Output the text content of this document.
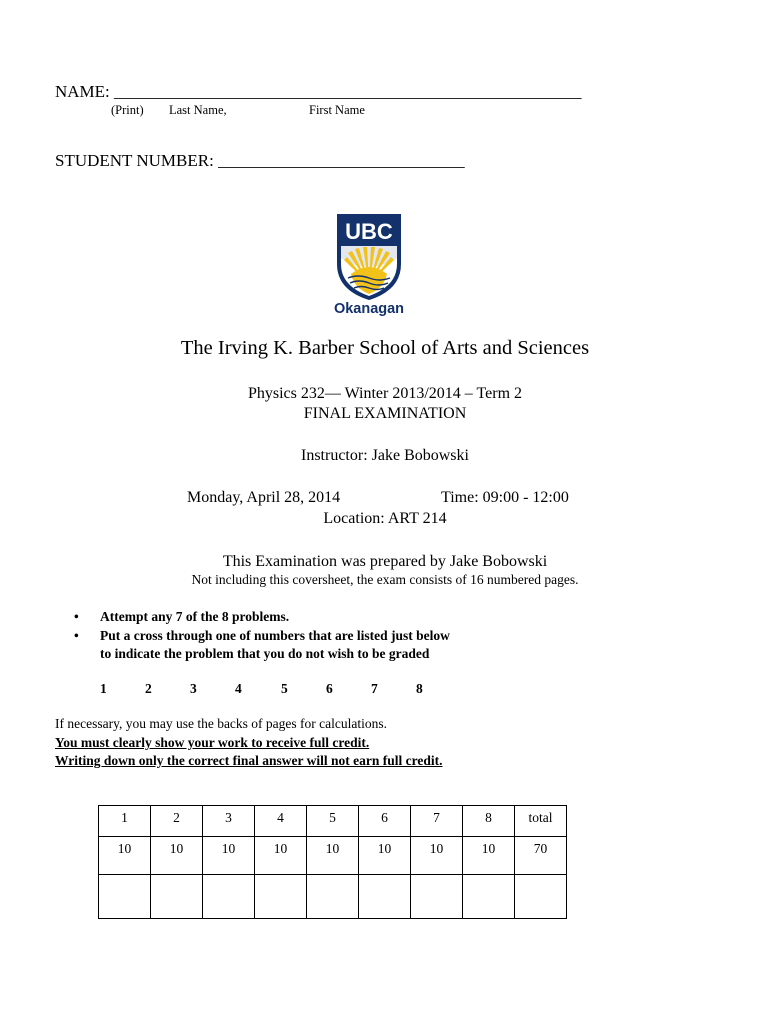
NAME: _______________________________________________________
(Print) Last Name,	First Name
STUDENT NUMBER: _____________________________
UBC
Okanagan
The Irving K. Barber School of Arts and Sciences
Physics 232— Winter 2013/2014 – Term 2
FINAL EXAMINATION
Instructor: Jake Bobowski
Monday, April 28, 2014	Time: 09:00 - 12:00
Location: ART 214
This Examination was prepared by Jake Bobowski
Not including this coversheet, the exam consists of 16 numbered pages.
• Attempt any 7 of the 8 problems.
• Put a cross through one of numbers that are listed just below
to indicate the problem that you do not wish to be graded
1	2	3	4	5	6	7	8
If necessary, you may use the backs of pages for calculations.
You must clearly show your work to receive full credit.
Writing down only the correct final answer will not earn full credit.
1	2	3	4	5	6	7	8	total
10	10	10	10	10	10	10	10	70
